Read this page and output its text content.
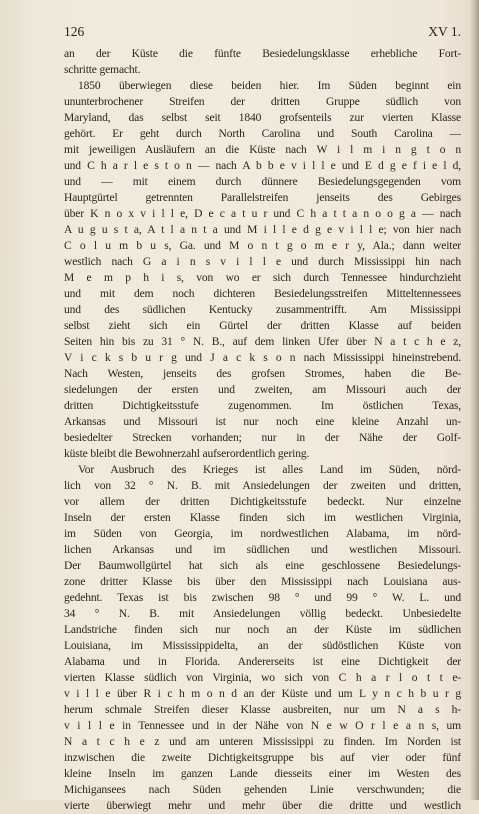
126	XV 1.
an der Küste die fünfte Besiedelungsklasse erhebliche Fort-
schritte gemacht.
1850 überwiegen diese beiden hier. Im Süden beginnt ein
ununterbrochener Streifen der dritten Gruppe südlich von
Maryland, das selbst seit 1840 grofsenteils zur vierten Klasse
gehört. Er geht durch North Carolina und South Carolina —
mit jeweiligen Ausläufern an die Küste nach W i l m i n g t o n
und C h a r l e s t o n — nach A b b e v i l l e und E d g e f i e l d,
und — mit einem durch dünnere Besiedelungsgegenden vom
Hauptgürtel getrennten Parallelstreifen jenseits des Gebirges
über K n o x v i l l e, D e c a t u r und C h a t t a n o o g a — nach
A u g u s t a, A t l a n t a und M i l l e d g e v i l l e; von hier nach
C o l u m b u s, Ga. und M o n t g o m e r y, Ala.; dann weiter
westlich nach G a i n s v i l l e und durch Mississippi hin nach
M e m p h i s, von wo er sich durch Tennessee hindurchzieht
und mit dem noch dichteren Besiedelungsstreifen Mitteltennessees
und des südlichen Kentucky zusammentrifft. Am Mississippi
selbst zieht sich ein Gürtel der dritten Klasse auf beiden
Seiten hin bis zu 31 ° N. B., auf dem linken Ufer über N a t c h e z,
V i c k s b u r g und J a c k s o n nach Mississippi hineinstrebend.
Nach Westen, jenseits des grofsen Stromes, haben die Be-
siedelungen der ersten und zweiten, am Missouri auch der
dritten Dichtigkeitsstufe zugenommen. Im östlichen Texas,
Arkansas und Missouri ist nur noch eine kleine Anzahl un-
besiedelter Strecken vorhanden; nur in der Nähe der Golf-
küste bleibt die Bewohnerzahl aufserordentlich gering.
Vor Ausbruch des Krieges ist alles Land im Süden, nörd-
lich von 32 ° N. B. mit Ansiedelungen der zweiten und dritten,
vor allem der dritten Dichtigkeitsstufe bedeckt. Nur einzelne
Inseln der ersten Klasse finden sich im westlichen Virginia,
im Süden von Georgia, im nordwestlichen Alabama, im nörd-
lichen Arkansas und im südlichen und westlichen Missouri.
Der Baumwollgürtel hat sich als eine geschlossene Besiedelungs-
zone dritter Klasse bis über den Mississippi nach Louisiana aus-
gedehnt. Texas ist bis zwischen 98 ° und 99 ° W. L. und
34 ° N. B. mit Ansiedelungen völlig bedeckt. Unbesiedelte
Landstriche finden sich nur noch an der Küste im südlichen
Louisiana, im Mississippidelta, an der südöstlichen Küste von
Alabama und in Florida. Andererseits ist eine Dichtigkeit der
vierten Klasse südlich von Virginia, wo sich von C h a r l o t t e-
v i l l e über R i c h m o n d an der Küste und um L y n c h b u r g
herum schmale Streifen dieser Klasse ausbreiten, nur um N a s h-
v i l l e in Tennessee und in der Nähe von N e w O r l e a n s, um
N a t c h e z und am unteren Mississippi zu finden. Im Norden ist
inzwischen die zweite Dichtigkeitsgruppe bis auf vier oder fünf
kleine Inseln im ganzen Lande diesseits einer im Westen des
Michigansees nach Süden gehenden Linie verschwunden; die
vierte überwiegt mehr und mehr über die dritte und westlich
